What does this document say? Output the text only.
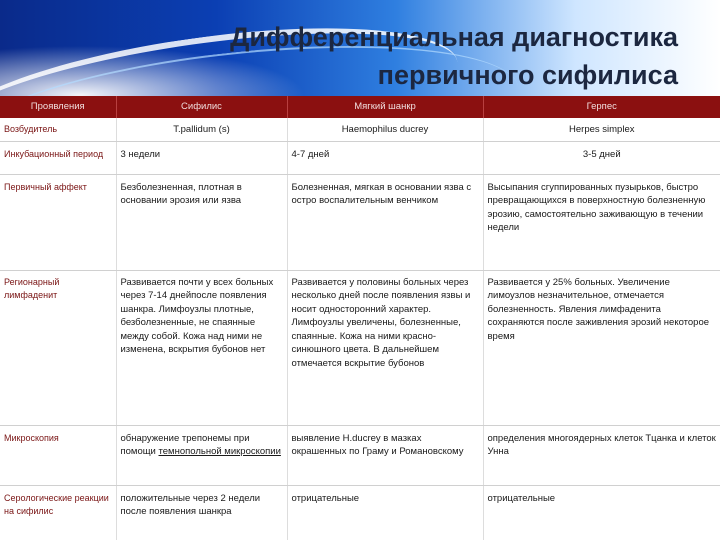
Дифференциальная диагностика
первичного сифилиса
Проявления	Сифилис	Мягкий шанкр	Герпес
Возбудитель	T.pallidum (s)	Haemophilus ducrey	Herpes simplex
Инкубационный период	3 недели	4-7 дней	3-5 дней
Первичный аффект	Безболезненная, плотная в основании эрозия или язва	Болезненная, мягкая в основании язва с остро воспалительным венчиком	Высыпания сгуппированных пузырьков, быстро превращающихся в поверхностную болезненную эрозию, самостоятельно заживающую в течении недели
Регионарный лимфаденит	Развивается почти у всех больных через 7-14 днейпосле появления шанкра. Лимфоузлы плотные, безболезненные, не спаянные между собой. Кожа над ними не изменена, вскрытия бубонов нет	Развивается у половины больных через несколько дней после появления язвы и носит односторонний характер. Лимфоузлы увеличены, болезненные, спаянные. Кожа на ними красно-синюшного цвета. В дальнейшем отмечается вскрытие бубонов	Развивается у 25% больных. Увеличение лимоузлов незначительное, отмечается болезненность. Явления лимфаденита сохраняются после заживления эрозий некоторое время
Микроскопия	обнаружение трепонемы при помощи темнопольной микроскопии	выявление H.ducrey в мазках окрашенных по Граму и Романовскому	определения многоядерных клеток Тцанка и клеток Унна
Серологические реакции на сифилис	положительные через 2 недели после появления шанкра	отрицательные	отрицательные
